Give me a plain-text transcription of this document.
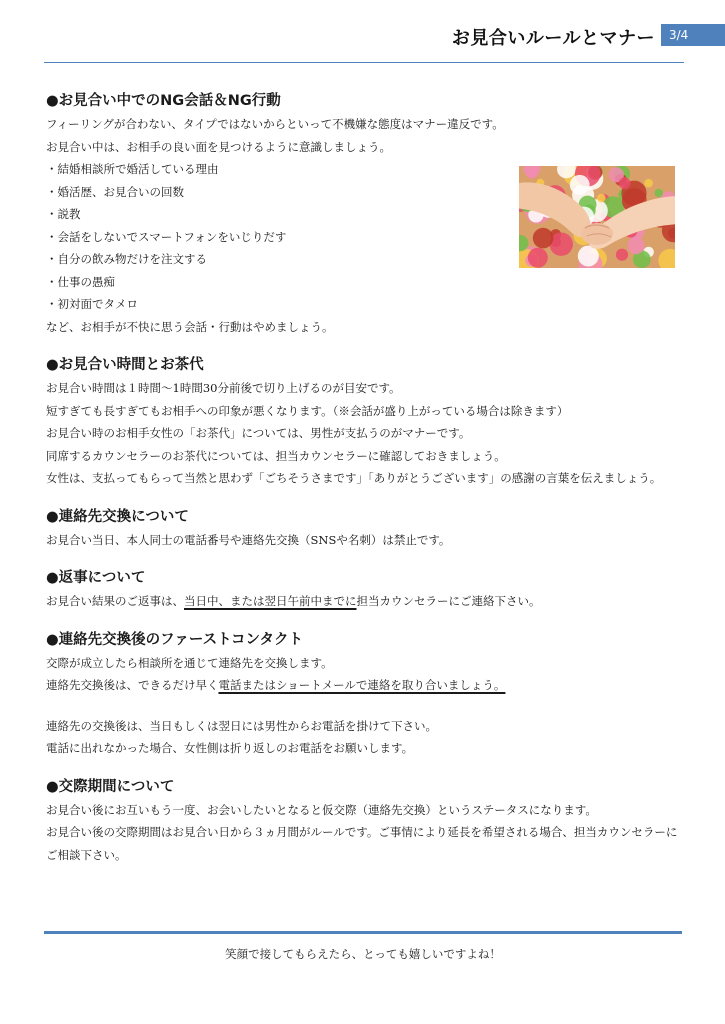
お見合いルールとマナー	3/4
●お見合い中でのNG会話＆NG行動

フィーリングが合わない、タイプではないからといって不機嫌な態度はマナー違反です。

お見合い中は、お相手の良い面を見つけるように意識しましょう。

・結婚相談所で婚活している理由

・婚活歴、お見合いの回数

・説教

・会話をしないでスマートフォンをいじりだす

・自分の飲み物だけを注文する

・仕事の愚痴

・初対面でタメロ

など、お相手が不快に思う会話・行動はやめましょう。

●お見合い時間とお茶代

お見合い時間は１時間～1時間30分前後で切り上げるのが目安です。

短すぎても長すぎてもお相手への印象が悪くなります。（※会話が盛り上がっている場合は除きます）

お見合い時のお相手女性の「お茶代」については、男性が支払うのがマナーです。

同席するカウンセラーのお茶代については、担当カウンセラーに確認しておきましょう。

女性は、支払ってもらって当然と思わず「ごちそうさまです」「ありがとうございます」の感謝の言葉を伝えましょう。

●連絡先交換について

お見合い当日、本人同士の電話番号や連絡先交換（SNSや名刺）は禁止です。

●返事について

お見合い結果のご返事は、当日中、または翌日午前中までに担当カウンセラーにご連絡下さい。

●連絡先交換後のファーストコンタクト

交際が成立したら相談所を通じて連絡先を交換します。

連絡先交換後は、できるだけ早く電話またはショートメールで連絡を取り合いましょう。

連絡先の交換後は、当日もしくは翌日には男性からお電話を掛けて下さい。

電話に出れなかった場合、女性側は折り返しのお電話をお願いします。

●交際期間について

お見合い後にお互いもう一度、お会いしたいとなると仮交際（連絡先交換）というステータスになります。

お見合い後の交際期間はお見合い日から３ヵ月間がルールです。ご事情により延長を希望される場合、担当カウンセラーにご相談下さい。

笑顔で接してもらえたら、とっても嬉しいですよね！
